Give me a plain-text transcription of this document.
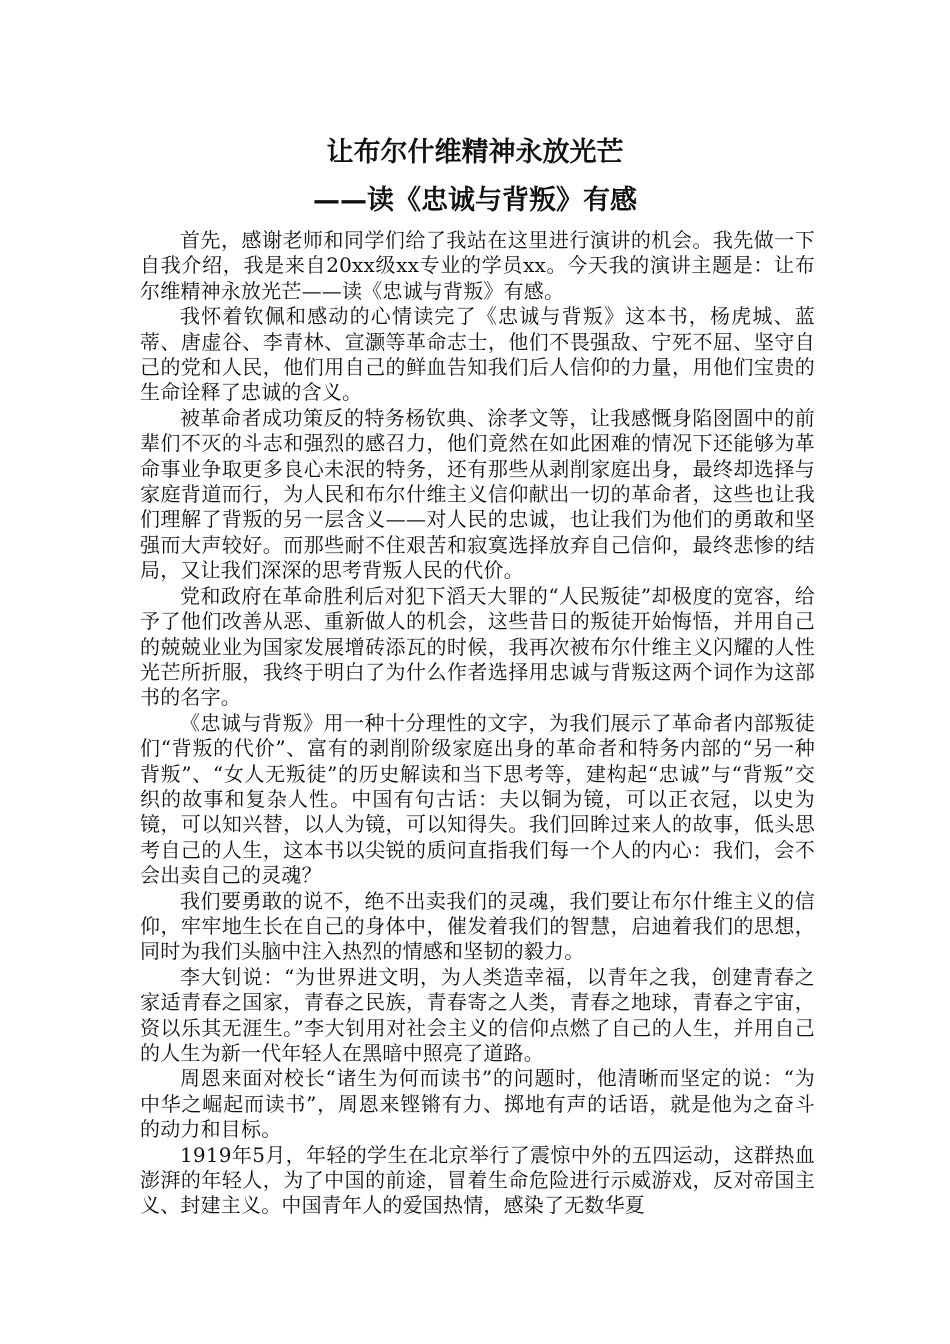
让布尔什维精神永放光芒
——读《忠诚与背叛》有感

首先，感谢老师和同学们给了我站在这里进行演讲的机会。我先做一下自我介绍，我是来自20xx级xx专业的学员xx。今天我的演讲主题是：让布尔维精神永放光芒——读《忠诚与背叛》有感。

我怀着钦佩和感动的心情读完了《忠诚与背叛》这本书，杨虎城、蓝蒂、唐虚谷、李青林、宣灏等革命志士，他们不畏强敌、宁死不屈、坚守自己的党和人民，他们用自己的鲜血告知我们后人信仰的力量，用他们宝贵的生命诠释了忠诚的含义。

被革命者成功策反的特务杨钦典、涂孝文等，让我感慨身陷囹圄中的前辈们不灭的斗志和强烈的感召力，他们竟然在如此困难的情况下还能够为革命事业争取更多良心未泯的特务，还有那些从剥削家庭出身，最终却选择与家庭背道而行，为人民和布尔什维主义信仰献出一切的革命者，这些也让我们理解了背叛的另一层含义——对人民的忠诚，也让我们为他们的勇敢和坚强而大声较好。而那些耐不住艰苦和寂寞选择放弃自己信仰，最终悲惨的结局，又让我们深深的思考背叛人民的代价。

党和政府在革命胜利后对犯下滔天大罪的“人民叛徒”却极度的宽容，给予了他们改善从恶、重新做人的机会，这些昔日的叛徒开始悔悟，并用自己的兢兢业业为国家发展增砖添瓦的时候，我再次被布尔什维主义闪耀的人性光芒所折服，我终于明白了为什么作者选择用忠诚与背叛这两个词作为这部书的名字。

《忠诚与背叛》用一种十分理性的文字，为我们展示了革命者内部叛徒们“背叛的代价”、富有的剥削阶级家庭出身的革命者和特务内部的“另一种背叛”、“女人无叛徒”的历史解读和当下思考等，建构起“忠诚”与“背叛”交织的故事和复杂人性。中国有句古话：夫以铜为镜，可以正衣冠，以史为镜，可以知兴替，以人为镜，可以知得失。我们回眸过来人的故事，低头思考自己的人生，这本书以尖锐的质问直指我们每一个人的内心：我们，会不会出卖自己的灵魂？

我们要勇敢的说不，绝不出卖我们的灵魂，我们要让布尔什维主义的信仰，牢牢地生长在自己的身体中，催发着我们的智慧，启迪着我们的思想，同时为我们头脑中注入热烈的情感和坚韧的毅力。

李大钊说：“为世界进文明，为人类造幸福，以青年之我，创建青春之家适青春之国家，青春之民族，青春寄之人类，青春之地球，青春之宇宙，资以乐其无涯生。”李大钊用对社会主义的信仰点燃了自己的人生，并用自己的人生为新一代年轻人在黑暗中照亮了道路。

周恩来面对校长“诸生为何而读书”的问题时，他清晰而坚定的说：“为中华之崛起而读书”，周恩来铿锵有力、掷地有声的话语，就是他为之奋斗的动力和目标。

1919年5月，年轻的学生在北京举行了震惊中外的五四运动，这群热血澎湃的年轻人，为了中国的前途，冒着生命危险进行示威游戏，反对帝国主义、封建主义。中国青年人的爱国热情，感染了无数华夏
